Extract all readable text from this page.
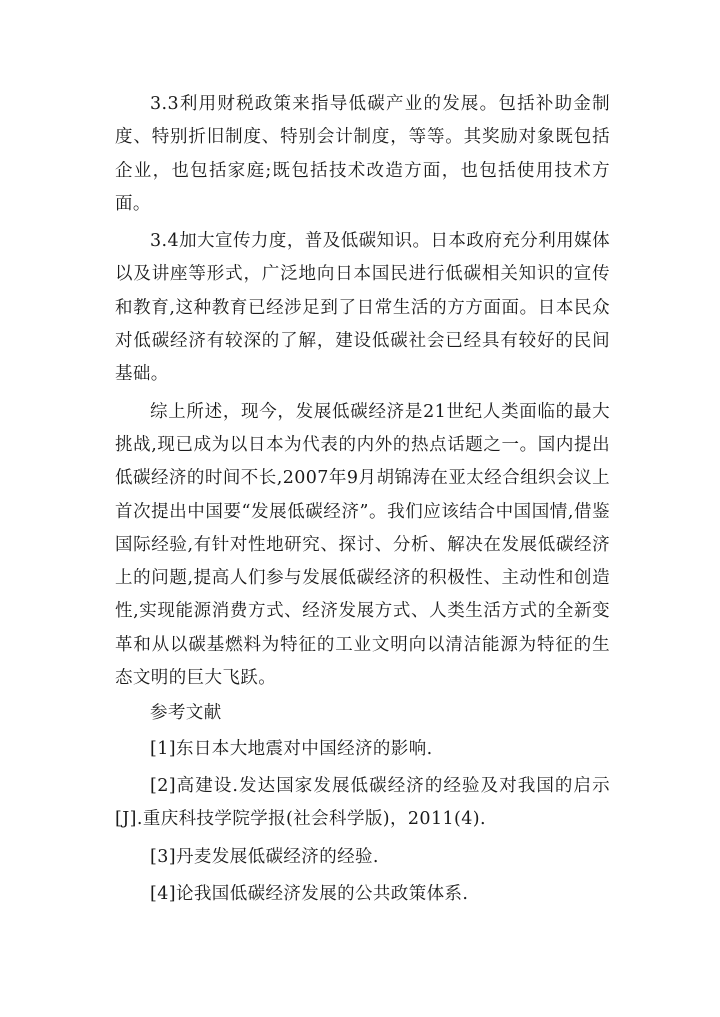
3.3利用财税政策来指导低碳产业的发展。包括补助金制度、特别折旧制度、特别会计制度，等等。其奖励对象既包括企业，也包括家庭;既包括技术改造方面，也包括使用技术方面。

3.4加大宣传力度，普及低碳知识。日本政府充分利用媒体以及讲座等形式，广泛地向日本国民进行低碳相关知识的宣传和教育,这种教育已经涉足到了日常生活的方方面面。日本民众对低碳经济有较深的了解，建设低碳社会已经具有较好的民间基础。

综上所述，现今，发展低碳经济是21世纪人类面临的最大挑战,现已成为以日本为代表的内外的热点话题之一。国内提出低碳经济的时间不长,2007年9月胡锦涛在亚太经合组织会议上首次提出中国要“发展低碳经济”。我们应该结合中国国情,借鉴国际经验,有针对性地研究、探讨、分析、解决在发展低碳经济上的问题,提高人们参与发展低碳经济的积极性、主动性和创造性,实现能源消费方式、经济发展方式、人类生活方式的全新变革和从以碳基燃料为特征的工业文明向以清洁能源为特征的生态文明的巨大飞跃。

参考文献

[1]东日本大地震对中国经济的影响.
[2]高建设.发达国家发展低碳经济的经验及对我国的启示[J].重庆科技学院学报(社会科学版)，2011(4).
[3]丹麦发展低碳经济的经验.
[4]论我国低碳经济发展的公共政策体系.
